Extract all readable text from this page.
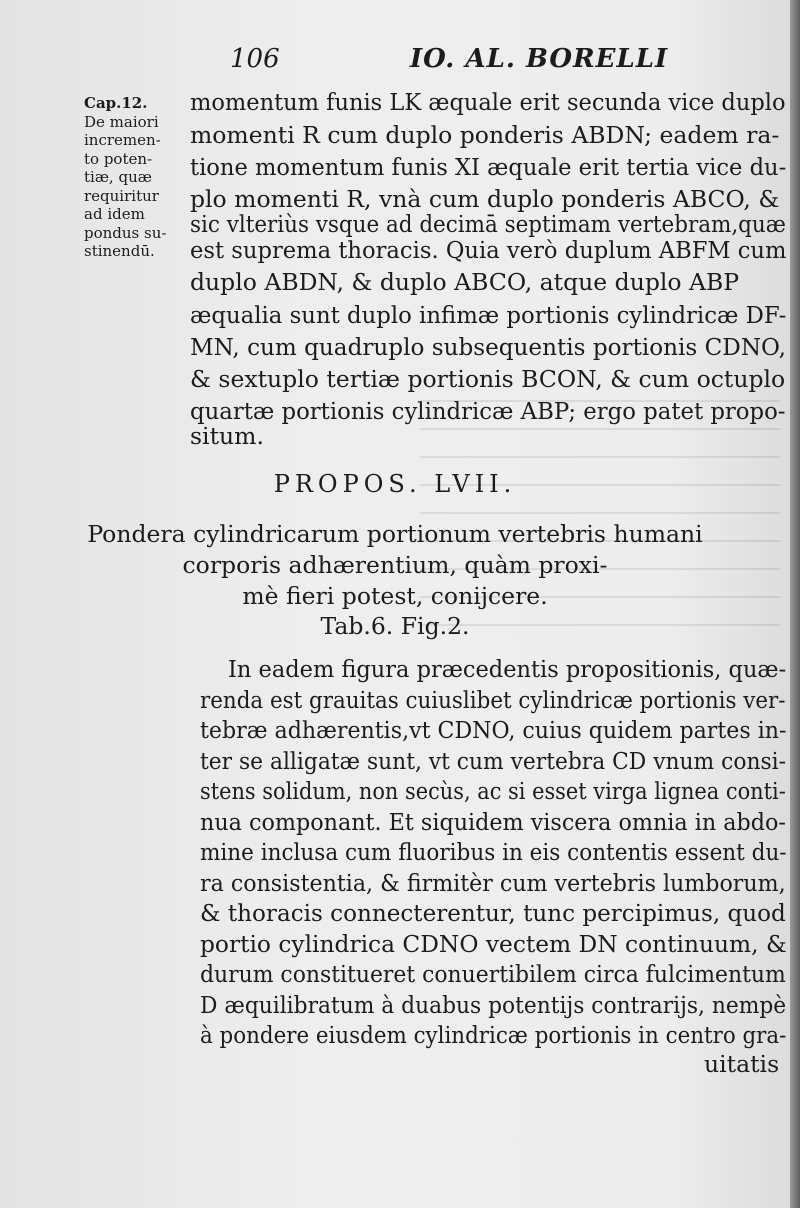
106	IO. AL. BORELLI
Cap.12.
De maiori
incremen-
to poten-
tiæ, quæ
requiritur
ad idem
pondus su-
stinendū.
momentum funis LK æquale erit secunda vice duplo
momenti R cum duplo ponderis ABDN; eadem ra-
tione momentum funis XI æquale erit tertia vice du-
plo momenti R, vnà cum duplo ponderis ABCO, &
sic vlteriùs vsque ad decimā septimam vertebram,quæ
est suprema thoracis. Quia verò duplum ABFM cum
duplo ABDN, & duplo ABCO, atque duplo ABP
æqualia sunt duplo infimæ portionis cylindricæ DF-
MN, cum quadruplo subsequentis portionis CDNO,
& sextuplo tertiæ portionis BCON, & cum octuplo
quartæ portionis cylindricæ ABP; ergo patet propo-
situm.
PROPOS. LVII.
Pondera cylindricarum portionum vertebris humani
corporis adhærentium, quàm proxi-
mè fieri potest, conijcere.
Tab.6. Fig.2.
In eadem figura præcedentis propositionis, quæ-
renda est grauitas cuiuslibet cylindricæ portionis ver-
tebræ adhærentis,vt CDNO, cuius quidem partes in-
ter se alligatæ sunt, vt cum vertebra CD vnum consi-
stens solidum, non secùs, ac si esset virga lignea conti-
nua componant. Et siquidem viscera omnia in abdo-
mine inclusa cum fluoribus in eis contentis essent du-
ra consistentia, & firmitèr cum vertebris lumborum,
& thoracis connecterentur, tunc percipimus, quod
portio cylindrica CDNO vectem DN continuum, &
durum constitueret conuertibilem circa fulcimentum
D æquilibratum à duabus potentijs contrarijs, nempè
à pondere eiusdem cylindricæ portionis in centro gra-
uitatis
